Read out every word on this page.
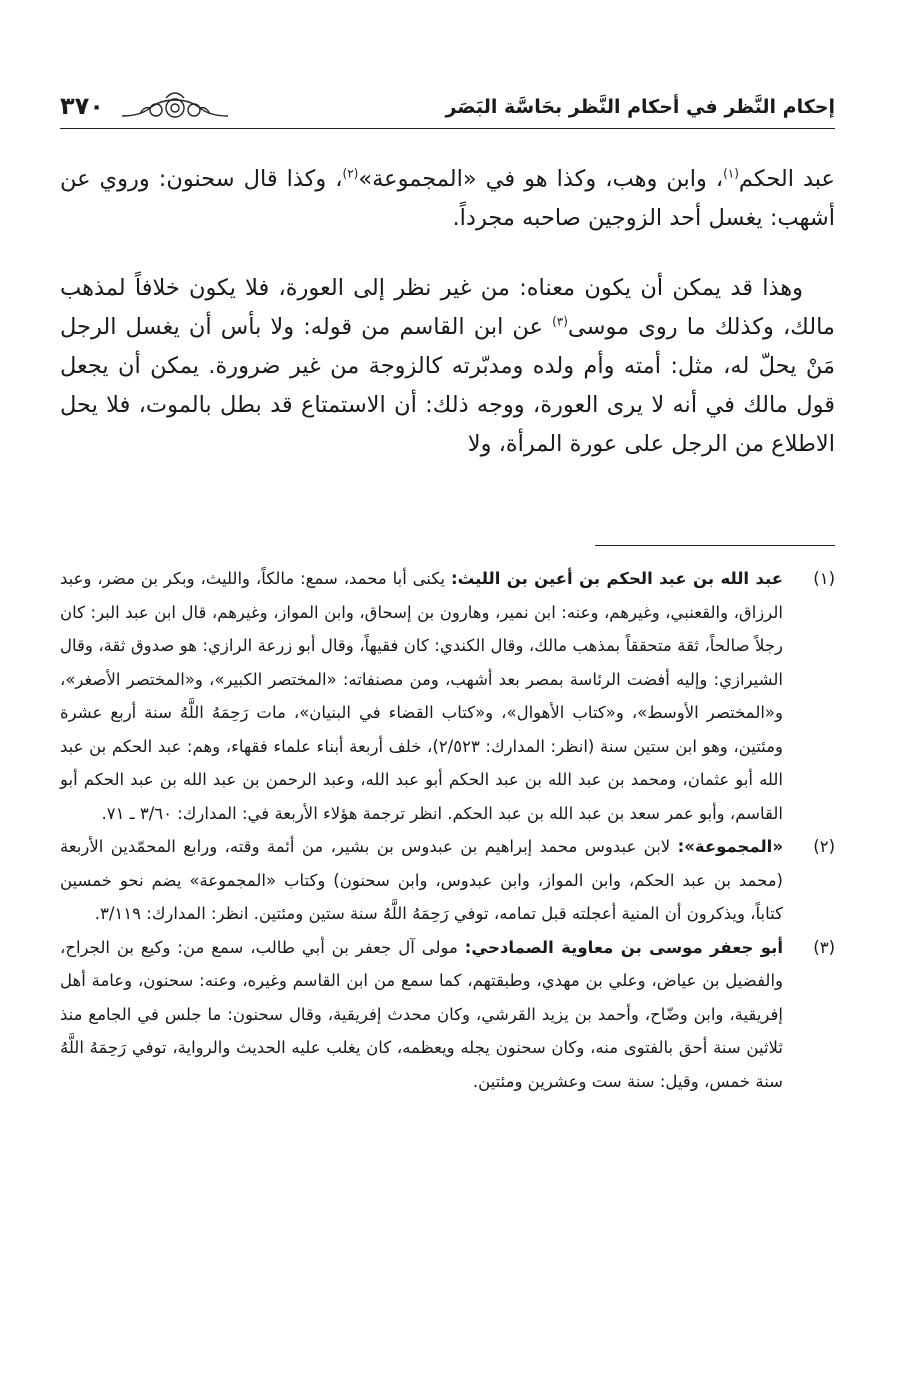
إحكام النَّظر في أحكام النَّظر بحَاسَّة البَصَر
٣٧٠

عبد الحكم$^{(١)}$، وابن وهب، وكذا هو في «المجموعة»$^{(٢)}$، وكذا قال سحنون: وروي عن أشهب: يغسل أحد الزوجين صاحبه مجرداً.

وهذا قد يمكن أن يكون معناه: من غير نظر إلى العورة، فلا يكون خلافاً لمذهب مالك، وكذلك ما روى موسى$^{(٣)}$ عن ابن القاسم من قوله: ولا بأس أن يغسل الرجل مَنْ يحلّ له، مثل: أمته وأم ولده ومدبّرته كالزوجة من غير ضرورة. يمكن أن يجعل قول مالك في أنه لا يرى العورة، ووجه ذلك: أن الاستمتاع قد بطل بالموت، فلا يحل الاطلاع من الرجل على عورة المرأة، ولا

(١)
عبد الله بن عبد الحكم بن أعين بن الليث: يكنى أبا محمد، سمع: مالكاً، والليث، وبكر بن مضر، وعبد الرزاق، والقعنبي، وغيرهم، وعنه: ابن نمير، وهارون بن إسحاق، وابن المواز، وغيرهم، قال ابن عبد البر: كان رجلاً صالحاً، ثقة متحققاً بمذهب مالك، وقال الكندي: كان فقيهاً، وقال أبو زرعة الرازي: هو صدوق ثقة، وقال الشيرازي: وإليه أفضت الرئاسة بمصر بعد أشهب، ومن مصنفاته: «المختصر الكبير»، و«المختصر الأصغر»، و«المختصر الأوسط»، و«كتاب الأهوال»، و«كتاب القضاء في البنيان»، مات رَحِمَهُ اللَّهُ سنة أربع عشرة ومئتين، وهو ابن ستين سنة (انظر: المدارك: ٢/٥٢٣)، خلف أربعة أبناء علماء فقهاء، وهم: عبد الحكم بن عبد الله أبو عثمان، ومحمد بن عبد الله بن عبد الحكم أبو عبد الله، وعبد الرحمن بن عبد الله بن عبد الحكم أبو القاسم، وأبو عمر سعد بن عبد الله بن عبد الحكم. انظر ترجمة هؤلاء الأربعة في: المدارك: ٣/٦٠ ـ ٧١.

(٢)
«المجموعة»: لابن عبدوس محمد إبراهيم بن عبدوس بن بشير، من أئمة وقته، ورابع المحمّدين الأربعة (محمد بن عبد الحكم، وابن المواز، وابن عبدوس، وابن سحنون) وكتاب «المجموعة» يضم نحو خمسين كتاباً، ويذكرون أن المنية أعجلته قبل تمامه، توفي رَحِمَهُ اللَّهُ سنة ستين ومئتين. انظر: المدارك: ٣/١١٩.

(٣)
أبو جعفر موسى بن معاوية الصمادحي: مولى آل جعفر بن أبي طالب، سمع من: وكيع بن الجراح، والفضيل بن عياض، وعلي بن مهدي، وطبقتهم، كما سمع من ابن القاسم وغيره، وعنه: سحنون، وعامة أهل إفريقية، وابن وضّاح، وأحمد بن يزيد القرشي، وكان محدث إفريقية، وقال سحنون: ما جلس في الجامع منذ ثلاثين سنة أحق بالفتوى منه، وكان سحنون يجله ويعظمه، كان يغلب عليه الحديث والرواية، توفي رَحِمَهُ اللَّهُ سنة خمس، وقيل: سنة ست وعشرين ومئتين.
